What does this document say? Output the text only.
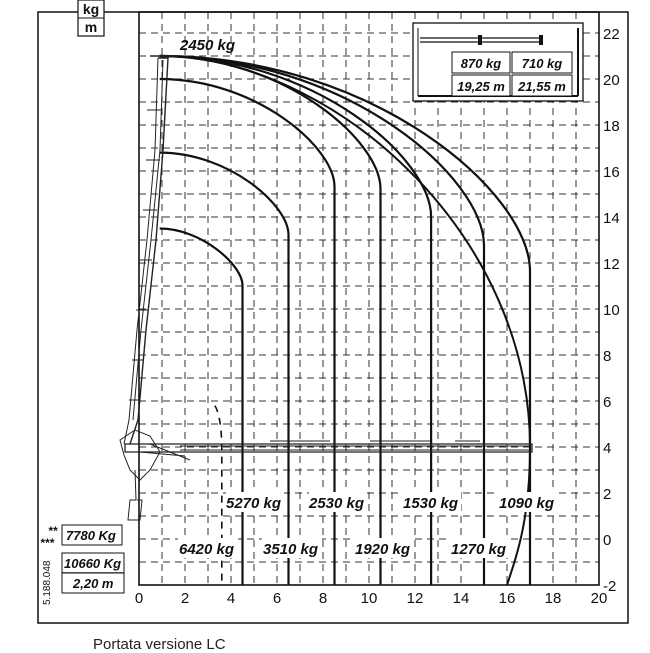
kg
m
0	2	4	6	8 10 12 14 16 18 20
22
20
18
16
14
12
10
8
6
4
2
0
-2
870 kg 710 kg
19,25 m 21,55 m
2450 kg
5270 kg 2530 kg	1530 kg	1090 kg
6420 kg 3510 kg 1920 kg	1270 kg
**
*** 7780 Kg
10660 Kg
2,20 m
5.188.048
Portata versione LC
